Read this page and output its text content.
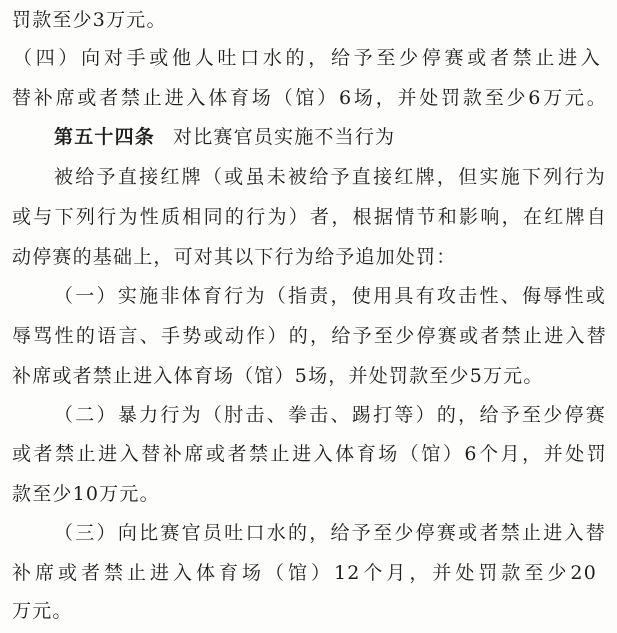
罚款至少3万元。
（四）向对手或他人吐口水的，给予至少停赛或者禁止进入
替补席或者禁止进入体育场（馆）6场，并处罚款至少6万元。
第五十四条 对比赛官员实施不当行为
被给予直接红牌（或虽未被给予直接红牌，但实施下列行为
或与下列行为性质相同的行为）者，根据情节和影响，在红牌自
动停赛的基础上，可对其以下行为给予追加处罚：
（一）实施非体育行为（指责，使用具有攻击性、侮辱性或
辱骂性的语言、手势或动作）的，给予至少停赛或者禁止进入替
补席或者禁止进入体育场（馆）5场，并处罚款至少5万元。
（二）暴力行为（肘击、拳击、踢打等）的，给予至少停赛
或者禁止进入替补席或者禁止进入体育场（馆）6个月，并处罚
款至少10万元。
（三）向比赛官员吐口水的，给予至少停赛或者禁止进入替
补席或者禁止进入体育场（馆）12个月，并处罚款至少20
万元。
